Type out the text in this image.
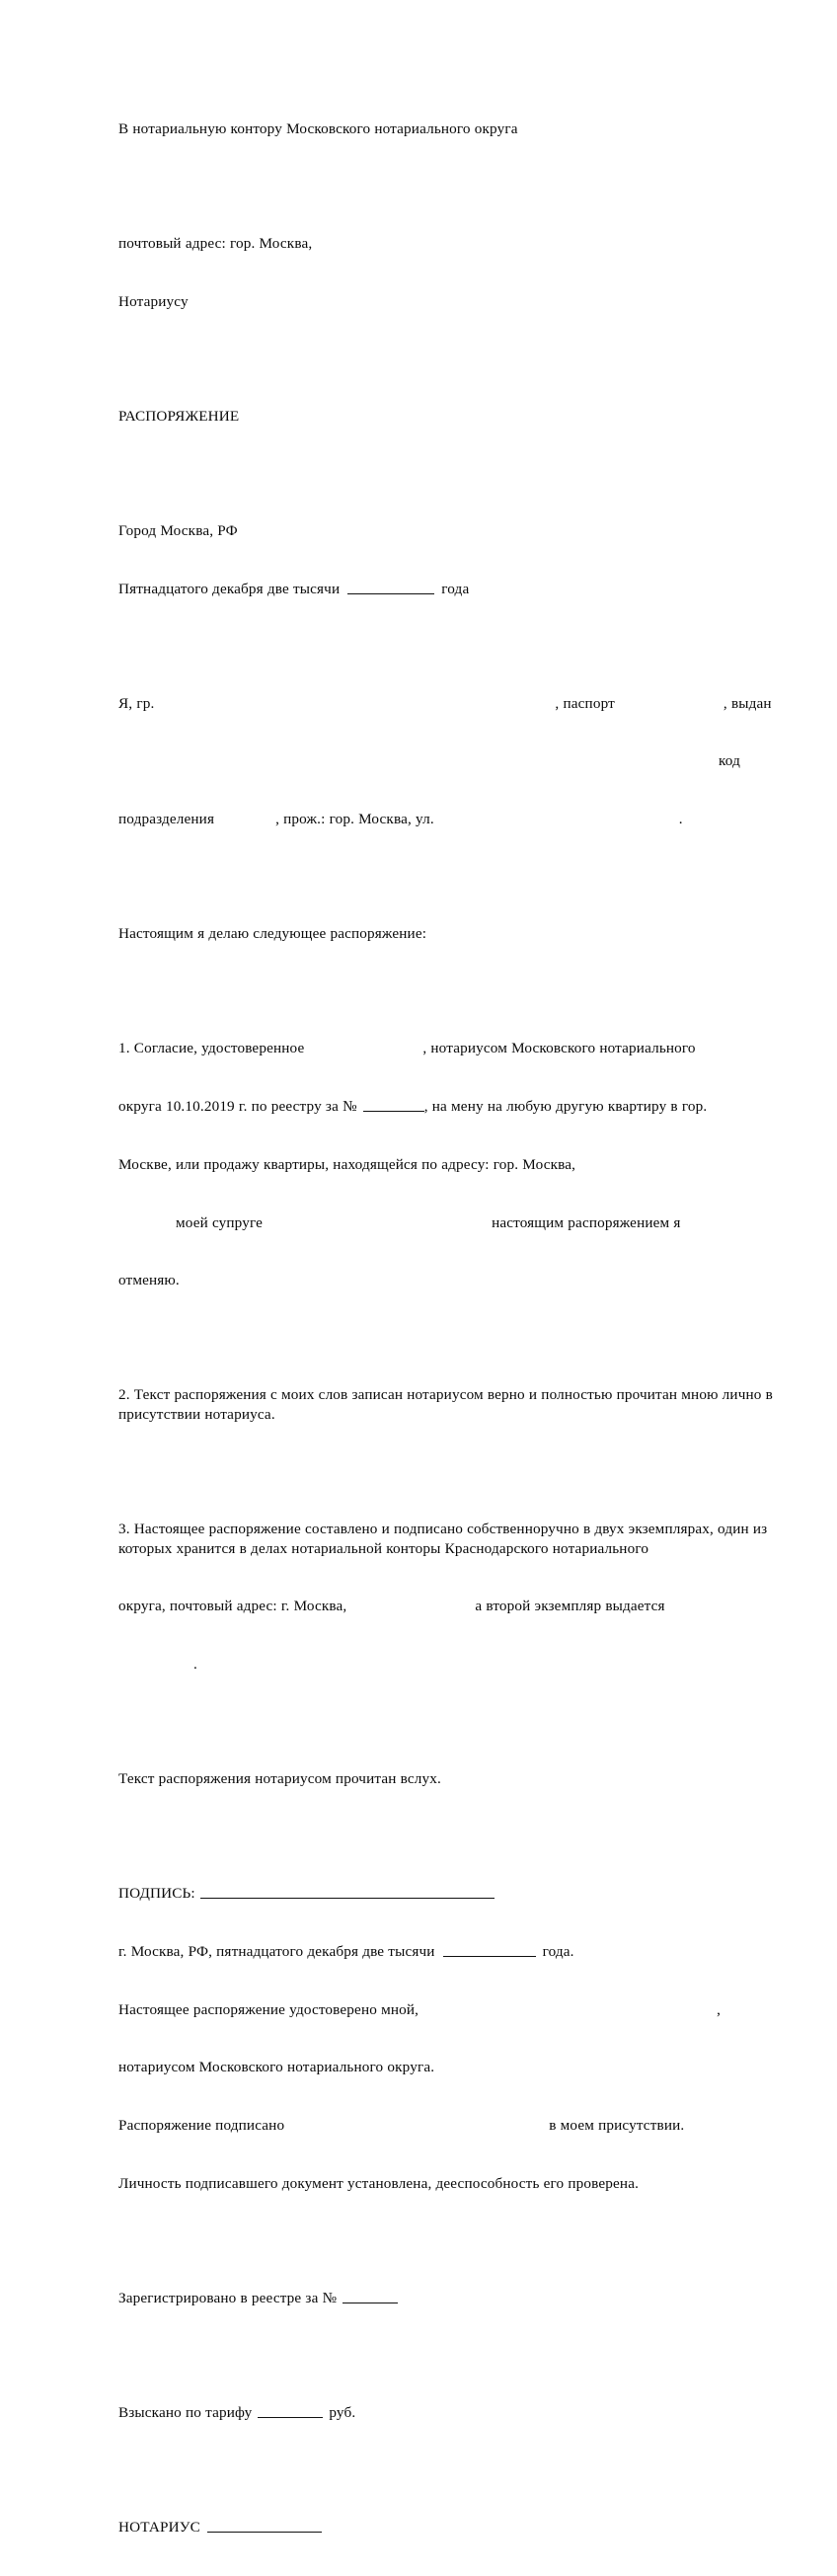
В нотариальную контору Московского нотариального округа

почтовый адрес: гор. Москва,

Нотариусу

РАСПОРЯЖЕНИЕ

Город Москва, РФ

Пятнадцатого декабря две тысячи	года

Я, гр.	, паспорт	, выдан

код

подразделения	, прож.: гор. Москва, ул.	.

Настоящим я делаю следующее распоряжение:

1. Согласие, удостоверенное	, нотариусом Московского нотариального

округа 10.10.2019 г. по реестру за №	, на мену на любую другую квартиру в гор.

Москве, или продажу квартиры, находящейся по адресу: гор. Москва,

моей супруге	настоящим распоряжением я

отменяю.

2. Текст распоряжения с моих слов записан нотариусом верно и полностью прочитан мною лично в присутствии нотариуса.

3. Настоящее распоряжение составлено и подписано собственноручно в двух экземплярах, один из которых хранится в делах нотариальной конторы Краснодарского нотариального

округа, почтовый адрес: г. Москва,	а второй экземпляр выдается

.

Текст распоряжения нотариусом прочитан вслух.

ПОДПИСЬ:

г. Москва, РФ, пятнадцатого декабря две тысячи	года.

Настоящее распоряжение удостоверено мной,	,

нотариусом Московского нотариального округа.

Распоряжение подписано	в моем присутствии.

Личность подписавшего документ установлена, дееспособность его проверена.

Зарегистрировано в реестре за №

Взыскано по тарифу	руб.

НОТАРИУС
